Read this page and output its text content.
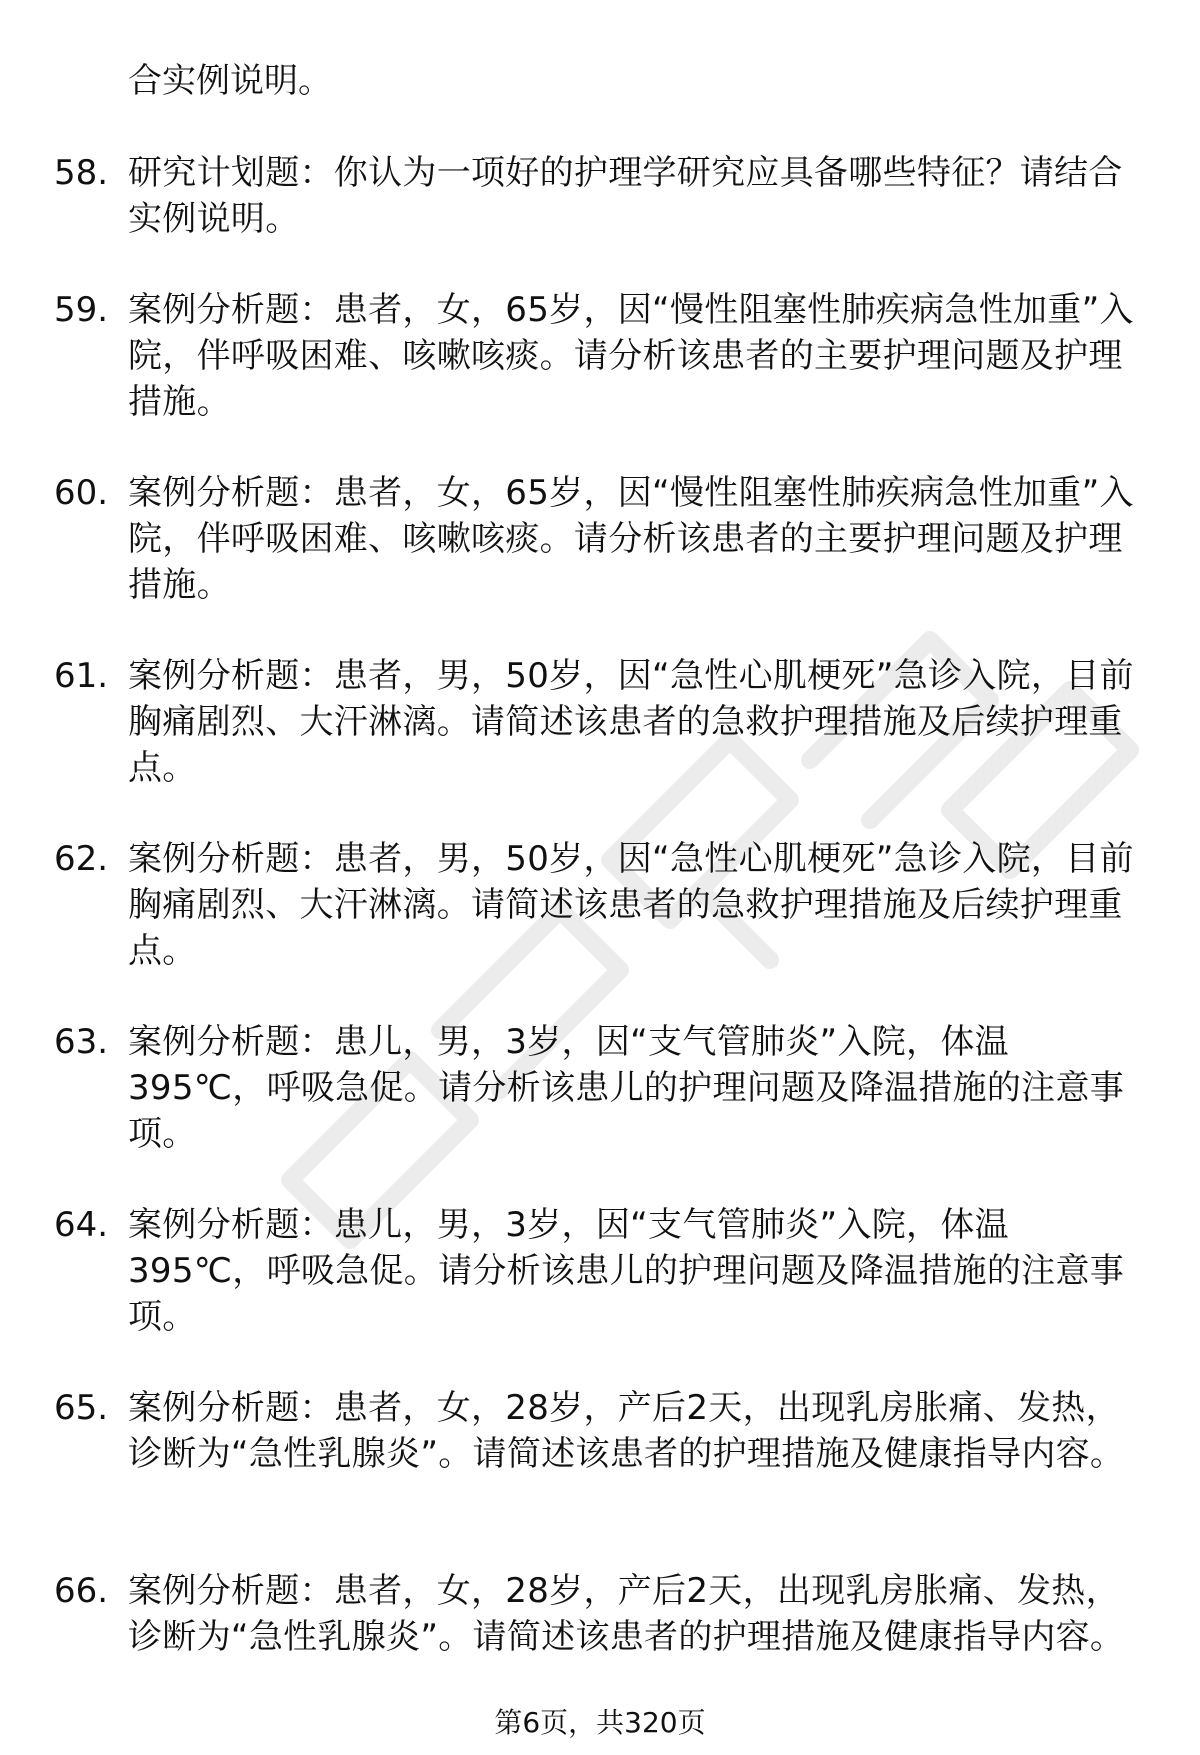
合实例说明。
58. 研究计划题：你认为一项好的护理学研究应具备哪些特征？请结合实例说明。
59. 案例分析题：患者，女，65岁，因“慢性阻塞性肺疾病急性加重”入院，伴呼吸困难、咳嗽咳痰。请分析该患者的主要护理问题及护理措施。
60. 案例分析题：患者，女，65岁，因“慢性阻塞性肺疾病急性加重”入院，伴呼吸困难、咳嗽咳痰。请分析该患者的主要护理问题及护理措施。
61. 案例分析题：患者，男，50岁，因“急性心肌梗死”急诊入院，目前胸痛剧烈、大汗淋漓。请简述该患者的急救护理措施及后续护理重点。
62. 案例分析题：患者，男，50岁，因“急性心肌梗死”急诊入院，目前胸痛剧烈、大汗淋漓。请简述该患者的急救护理措施及后续护理重点。
63. 案例分析题：患儿，男，3岁，因“支气管肺炎”入院，体温395℃，呼吸急促。请分析该患儿的护理问题及降温措施的注意事项。
64. 案例分析题：患儿，男，3岁，因“支气管肺炎”入院，体温395℃，呼吸急促。请分析该患儿的护理问题及降温措施的注意事项。
65. 案例分析题：患者，女，28岁，产后2天，出现乳房胀痛、发热，诊断为“急性乳腺炎”。请简述该患者的护理措施及健康指导内容。
66. 案例分析题：患者，女，28岁，产后2天，出现乳房胀痛、发热，诊断为“急性乳腺炎”。请简述该患者的护理措施及健康指导内容。
第6页，共320页
